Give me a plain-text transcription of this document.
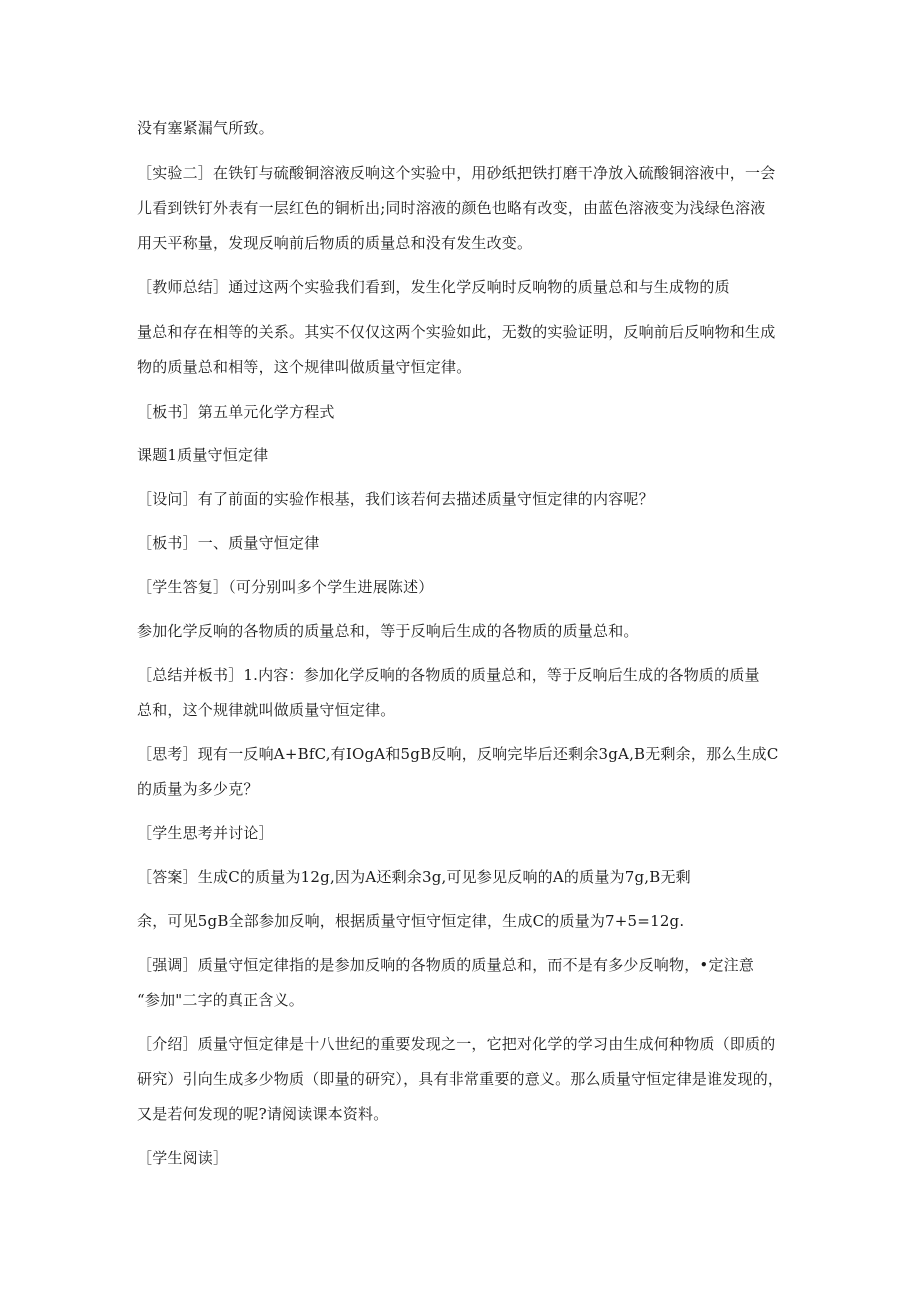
没有塞紧漏气所致。
［实验二］在铁钉与硫酸铜溶液反响这个实验中，用砂纸把铁打磨干净放入硫酸铜溶液中，一会
儿看到铁钉外表有一层红色的铜析出;同时溶液的颜色也略有改变，由蓝色溶液变为浅绿色溶液
用天平称量，发现反响前后物质的质量总和没有发生改变。
［教师总结］通过这两个实验我们看到，发生化学反响时反响物的质量总和与生成物的质
量总和存在相等的关系。其实不仅仅这两个实验如此，无数的实验证明，反响前后反响物和生成
物的质量总和相等，这个规律叫做质量守恒定律。
［板书］第五单元化学方程式
课题1质量守恒定律
［设问］有了前面的实验作根基，我们该若何去描述质量守恒定律的内容呢？
［板书］一、质量守恒定律
［学生答复］（可分别叫多个学生进展陈述）
参加化学反响的各物质的质量总和，等于反响后生成的各物质的质量总和。
［总结并板书］1.内容：参加化学反响的各物质的质量总和，等于反响后生成的各物质的质量
总和，这个规律就叫做质量守恒定律。
［思考］现有一反响A+BfC,有IOgA和5gB反响，反响完毕后还剩余3gA,B无剩余，那么生成C
的质量为多少克？
［学生思考并讨论］
［答案］生成C的质量为12g,因为A还剩余3g,可见参见反响的A的质量为7g,B无剩
余，可见5gB全部参加反响，根据质量守恒守恒定律，生成C的质量为7+5=12g.
［强调］质量守恒定律指的是参加反响的各物质的质量总和，而不是有多少反响物，•定注意
“参加"二字的真正含义。
［介绍］质量守恒定律是十八世纪的重要发现之一，它把对化学的学习由生成何种物质（即质的
研究）引向生成多少物质（即量的研究），具有非常重要的意义。那么质量守恒定律是谁发现的，
又是若何发现的呢?请阅读课本资料。
［学生阅读］
